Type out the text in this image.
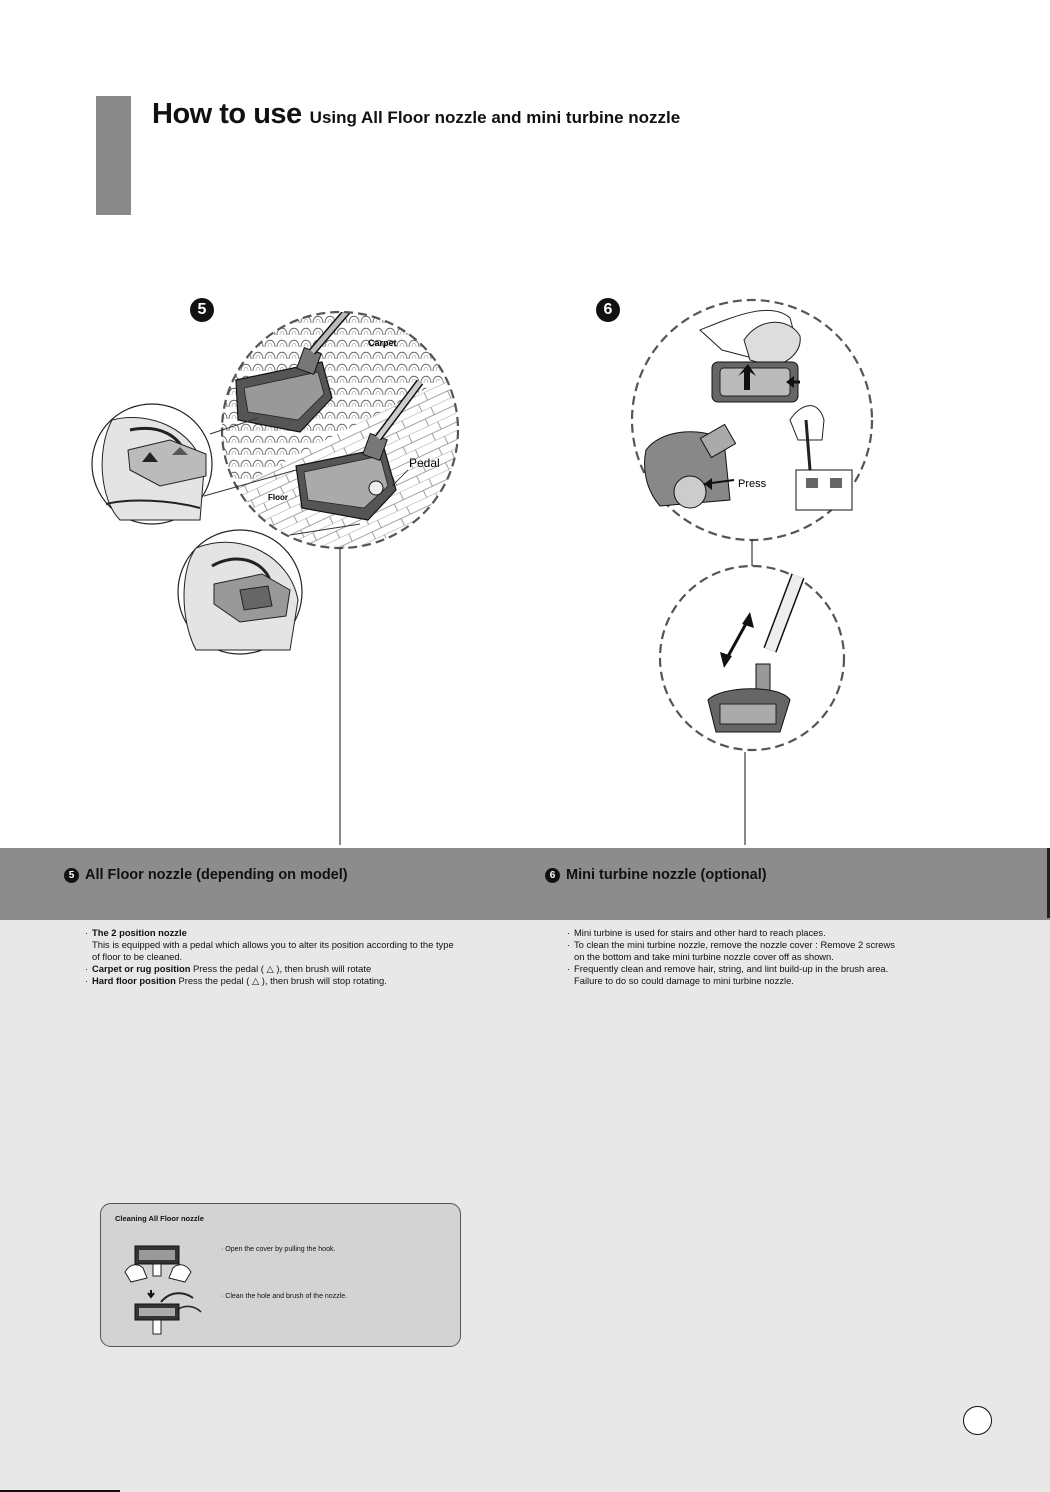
How to use Using All Floor nozzle and mini turbine nozzle
Carpet
Pedal
Floor
Press
5	6
5 All Floor nozzle (depending on model)	6 Mini turbine nozzle (optional)
· The 2 position nozzle
This is equipped with a pedal which allows you to alter its position according to the type of floor to be cleaned.
· Carpet or rug position Press the pedal ( △ ), then brush will rotate
· Hard floor position Press the pedal ( △ ), then brush will stop rotating.
· Mini turbine is used for stairs and other hard to reach places.
· To clean the mini turbine nozzle, remove the nozzle cover : Remove 2 screws on the bottom and take mini turbine nozzle cover off as shown.
· Frequently clean and remove hair, string, and lint build-up in the brush area. Failure to do so could damage to mini turbine nozzle.
Cleaning All Floor nozzle
· Open the cover by pulling the hook.
· Clean the hole and brush of the nozzle.
